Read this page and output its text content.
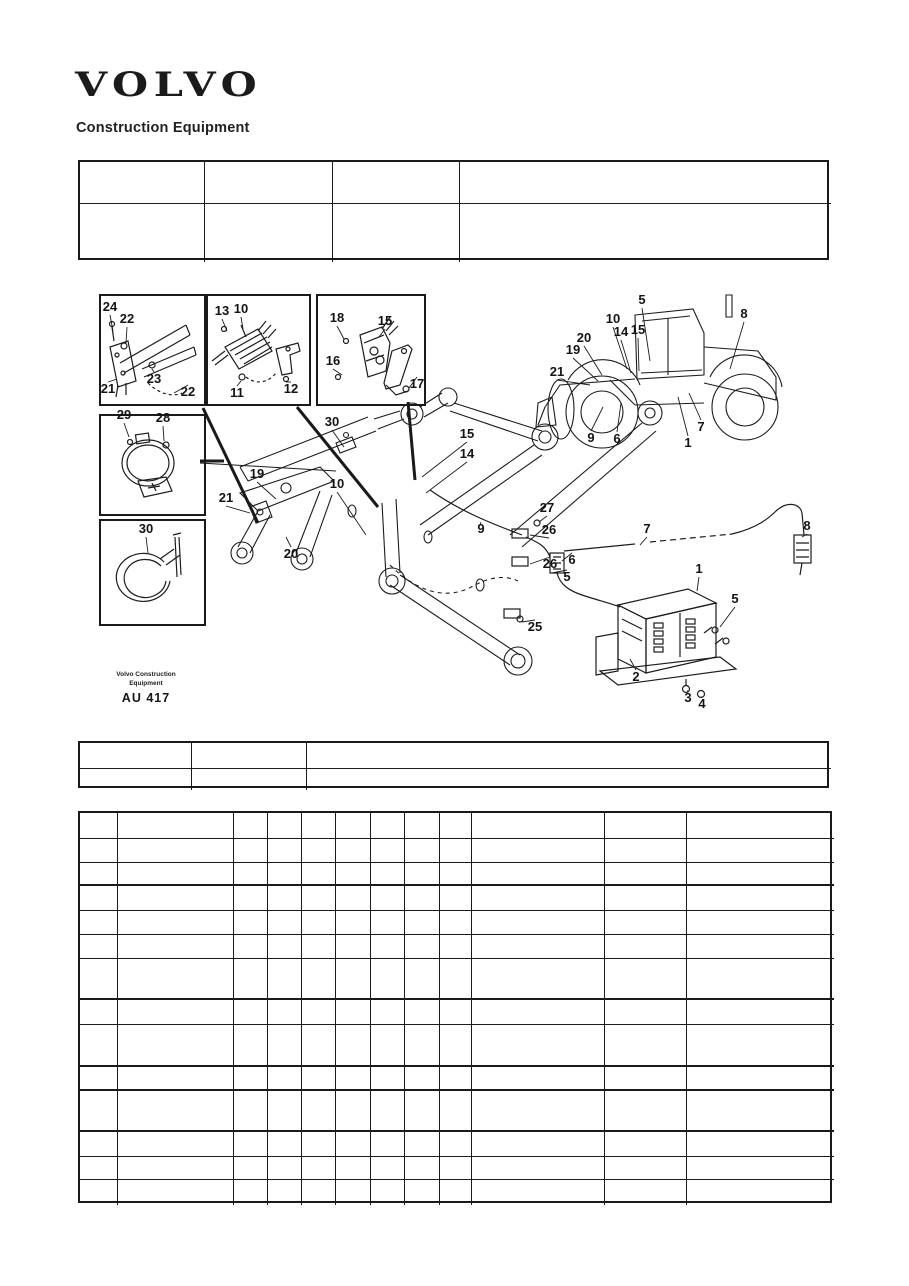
VOLVO
Construction Equipment
24
22
23
21	22
13 10
11	12
18	15
16
17
29 28
30
5
10
14 15
20
19
21
8
9 6	1
7
30
19
21
20
10
15
14
9
27
26
26 6
5
7
1
8
5
25
2
3 4
Volvo Construction
Equipment
AU 417
